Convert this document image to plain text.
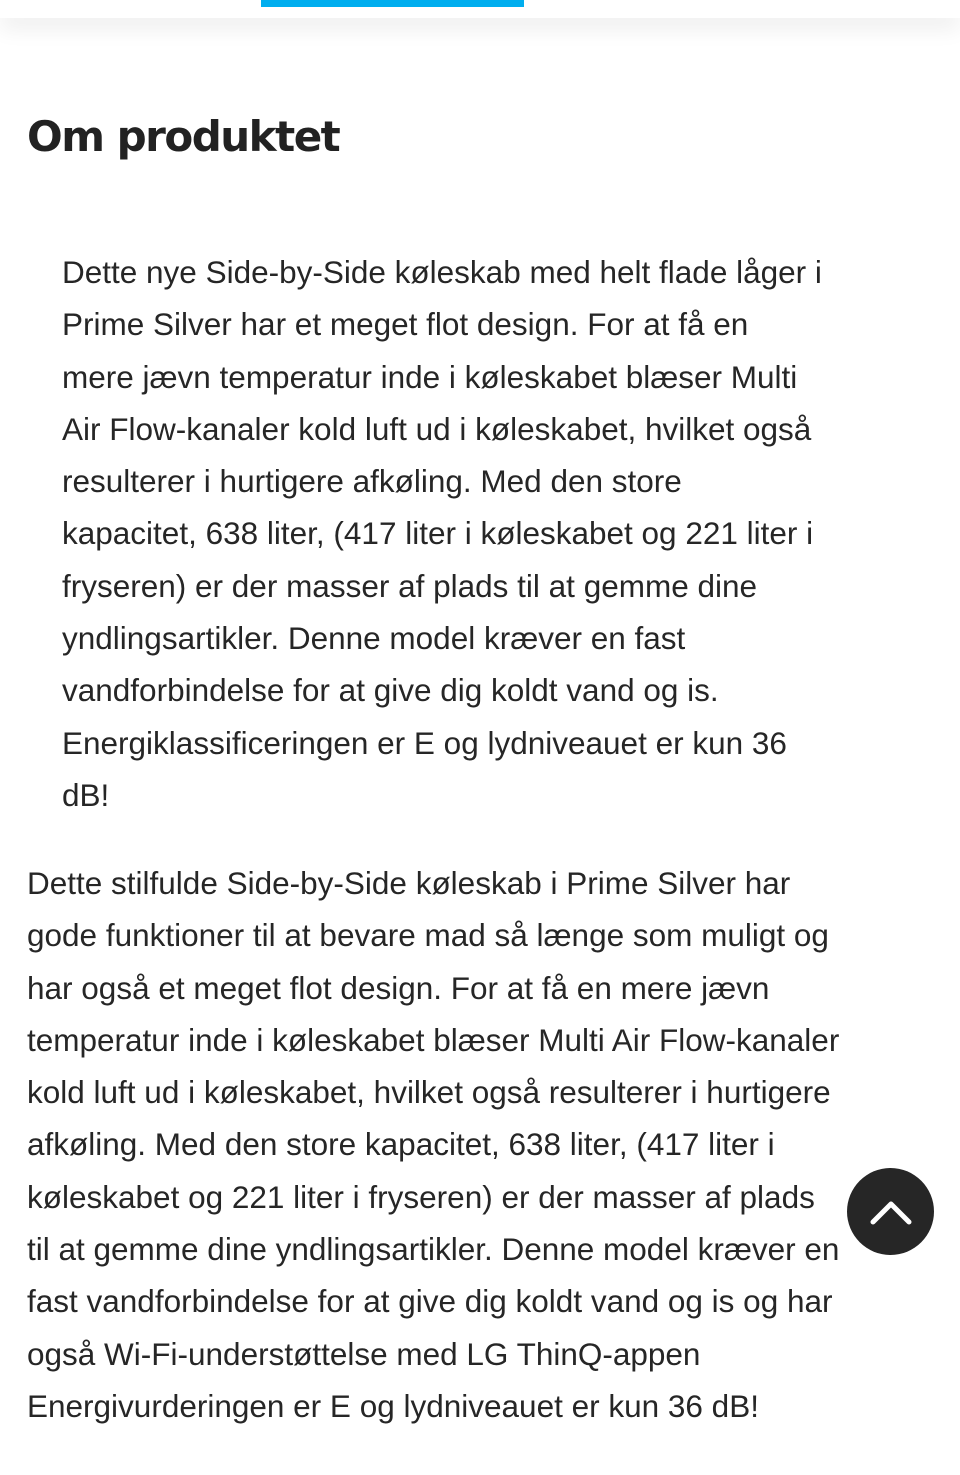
Om produktet
Dette nye Side-by-Side køleskab med helt flade låger i
Prime Silver har et meget flot design. For at få en
mere jævn temperatur inde i køleskabet blæser Multi
Air Flow-kanaler kold luft ud i køleskabet, hvilket også
resulterer i hurtigere afkøling. Med den store
kapacitet, 638 liter, (417 liter i køleskabet og 221 liter i
fryseren) er der masser af plads til at gemme dine
yndlingsartikler. Denne model kræver en fast
vandforbindelse for at give dig koldt vand og is.
Energiklassificeringen er E og lydniveauet er kun 36
dB!
Dette stilfulde Side-by-Side køleskab i Prime Silver har
gode funktioner til at bevare mad så længe som muligt og
har også et meget flot design. For at få en mere jævn
temperatur inde i køleskabet blæser Multi Air Flow-kanaler
kold luft ud i køleskabet, hvilket også resulterer i hurtigere
afkøling. Med den store kapacitet, 638 liter, (417 liter i
køleskabet og 221 liter i fryseren) er der masser af plads
til at gemme dine yndlingsartikler. Denne model kræver en
fast vandforbindelse for at give dig koldt vand og is og har
også Wi-Fi-understøttelse med LG ThinQ-appen
Energivurderingen er E og lydniveauet er kun 36 dB!
